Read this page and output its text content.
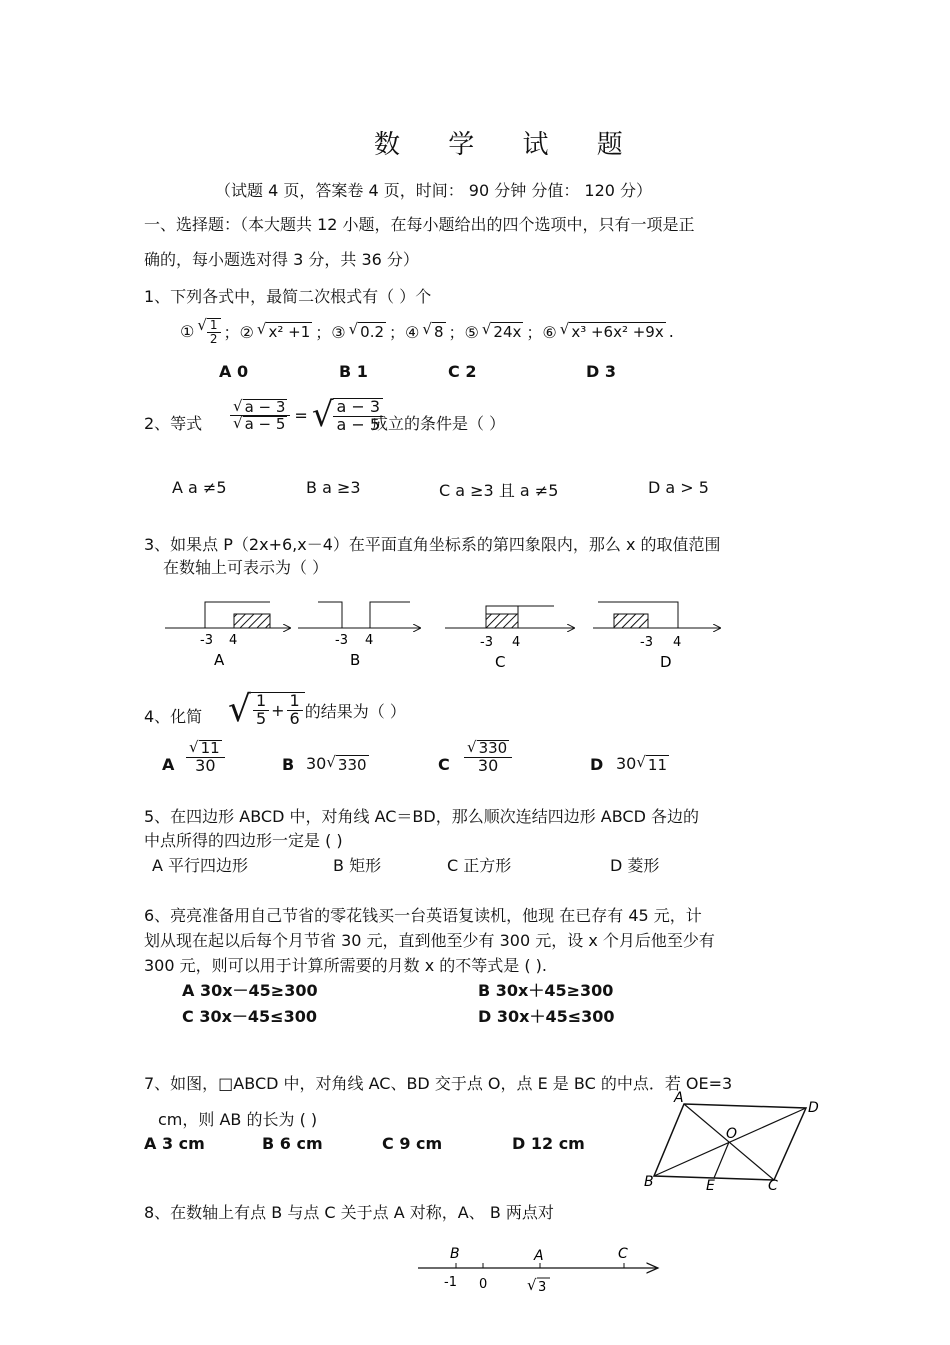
数 学 试 题
（试题 4 页，答案卷 4 页，时间： 90 分钟 分值： 120 分）
一、选择题：（本大题共 12 小题，在每小题给出的四个选项中，只有一项是正
确的，每小题选对得 3 分，共 36 分）
1、下列各式中，最简二次根式有（ ）个
① √ $\frac{1}{2}$ ；② √ x² +1 ；③ √ 0.2 ；④ √ 8 ；⑤ √ 24x ；⑥ √ x³ +6x² +9x .
A 0	B 1	C 2	D 3
2、等式 $\frac{√ a - 3}{√ a - 5}$ = √ $\frac{a - 3}{a - 5}$
成立的条件是（ ）
A a ≠5	B a ≥3	C a ≥3 且 a ≠5	D a > 5
3、如果点 P（2x+6,x－4）在平面直角坐标系的第四象限内，那么 x 的取值范围
在数轴上可表示为（ ）
-3 4
A
-3 4
B
-3 4
C
-3 4
D
4、化简 √ $\frac{1}{5} + \frac{1}{6}$ 的结果为（ ）
A $\frac{√ 11}{30}$	B 30 √ 330	C $\frac{√ 330}{30}$	D 30 √ 11
5、在四边形 ABCD 中，对角线 AC＝BD，那么顺次连结四边形 ABCD 各边的
中点所得的四边形一定是 ( )
A 平行四边形	B 矩形	C 正方形	D 菱形
6、亮亮准备用自己节省的零花钱买一台英语复读机，他现 在已存有 45 元，计
划从现在起以后每个月节省 30 元，直到他至少有 300 元，设 x 个月后他至少有
300 元，则可以用于计算所需要的月数 x 的不等式是 ( ).
A 30x－45≥300	B 30x＋45≥300
C 30x－45≤300	D 30x＋45≤300
7、如图，□ABCD 中，对角线 AC、BD 交于点 O，点 E 是 BC 的中点．若 OE=3
cm，则 AB 的长为 ( )
A 3 cm	B 6 cm	C 9 cm	D 12 cm
A
D
O
B	E	C
8、在数轴上有点 B 与点 C 关于点 A 对称，A、 B 两点对
B	A	C
-1 0	√ 3
